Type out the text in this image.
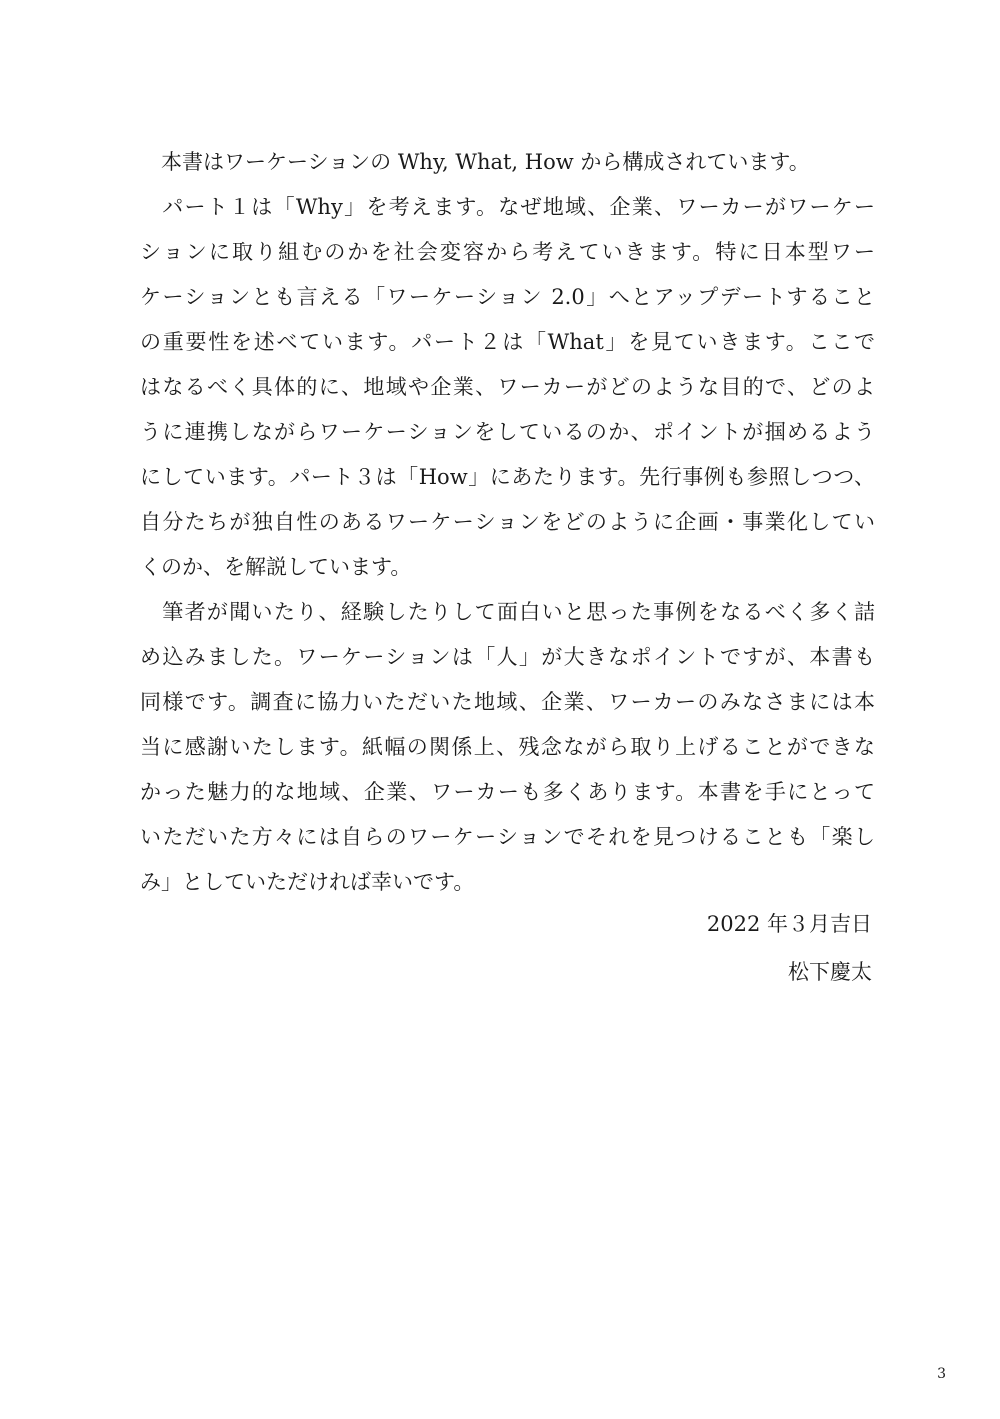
　本書はワーケーションの Why, What, How から構成されています。
　パート１は「Why」を考えます。なぜ地域、企業、ワーカーがワーケー
ションに取り組むのかを社会変容から考えていきます。特に日本型ワー
ケーションとも言える「ワーケーション 2.0」へとアップデートすること
の重要性を述べています。パート２は「What」を見ていきます。ここで
はなるべく具体的に、地域や企業、ワーカーがどのような目的で、どのよ
うに連携しながらワーケーションをしているのか、ポイントが掴めるよう
にしています。パート３は「How」にあたります。先行事例も参照しつつ、
自分たちが独自性のあるワーケーションをどのように企画・事業化してい
くのか、を解説しています。
　筆者が聞いたり、経験したりして面白いと思った事例をなるべく多く詰
め込みました。ワーケーションは「人」が大きなポイントですが、本書も
同様です。調査に協力いただいた地域、企業、ワーカーのみなさまには本
当に感謝いたします。紙幅の関係上、残念ながら取り上げることができな
かった魅力的な地域、企業、ワーカーも多くあります。本書を手にとって
いただいた方々には自らのワーケーションでそれを見つけることも「楽し
み」としていただければ幸いです。
2022 年３月吉日
松下慶太
3
